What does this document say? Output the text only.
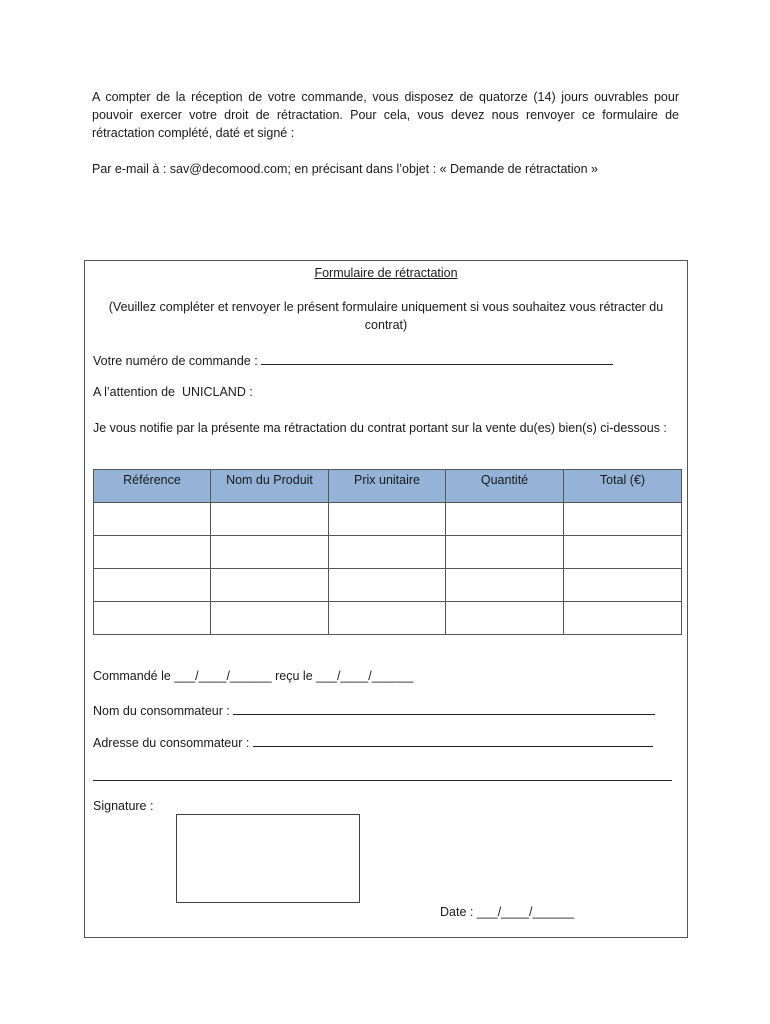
A compter de la réception de votre commande, vous disposez de quatorze (14) jours ouvrables pour pouvoir exercer votre droit de rétractation. Pour cela, vous devez nous renvoyer ce formulaire de rétractation complété, daté et signé :

Par e-mail à : sav@decomood.com; en précisant dans l’objet : « Demande de rétractation »

Formulaire de rétractation

(Veuillez compléter et renvoyer le présent formulaire uniquement si vous souhaitez vous rétracter du contrat)

Votre numéro de commande :

A l’attention de UNICLAND :

Je vous notifie par la présente ma rétractation du contrat portant sur la vente du(es) bien(s) ci-dessous :

Référence	Nom du Produit	Prix unitaire	Quantité	Total (€)

Commandé le ___/____/______ reçu le ___/____/______

Nom du consommateur :

Adresse du consommateur :

Signature :

Date : ___/____/______
